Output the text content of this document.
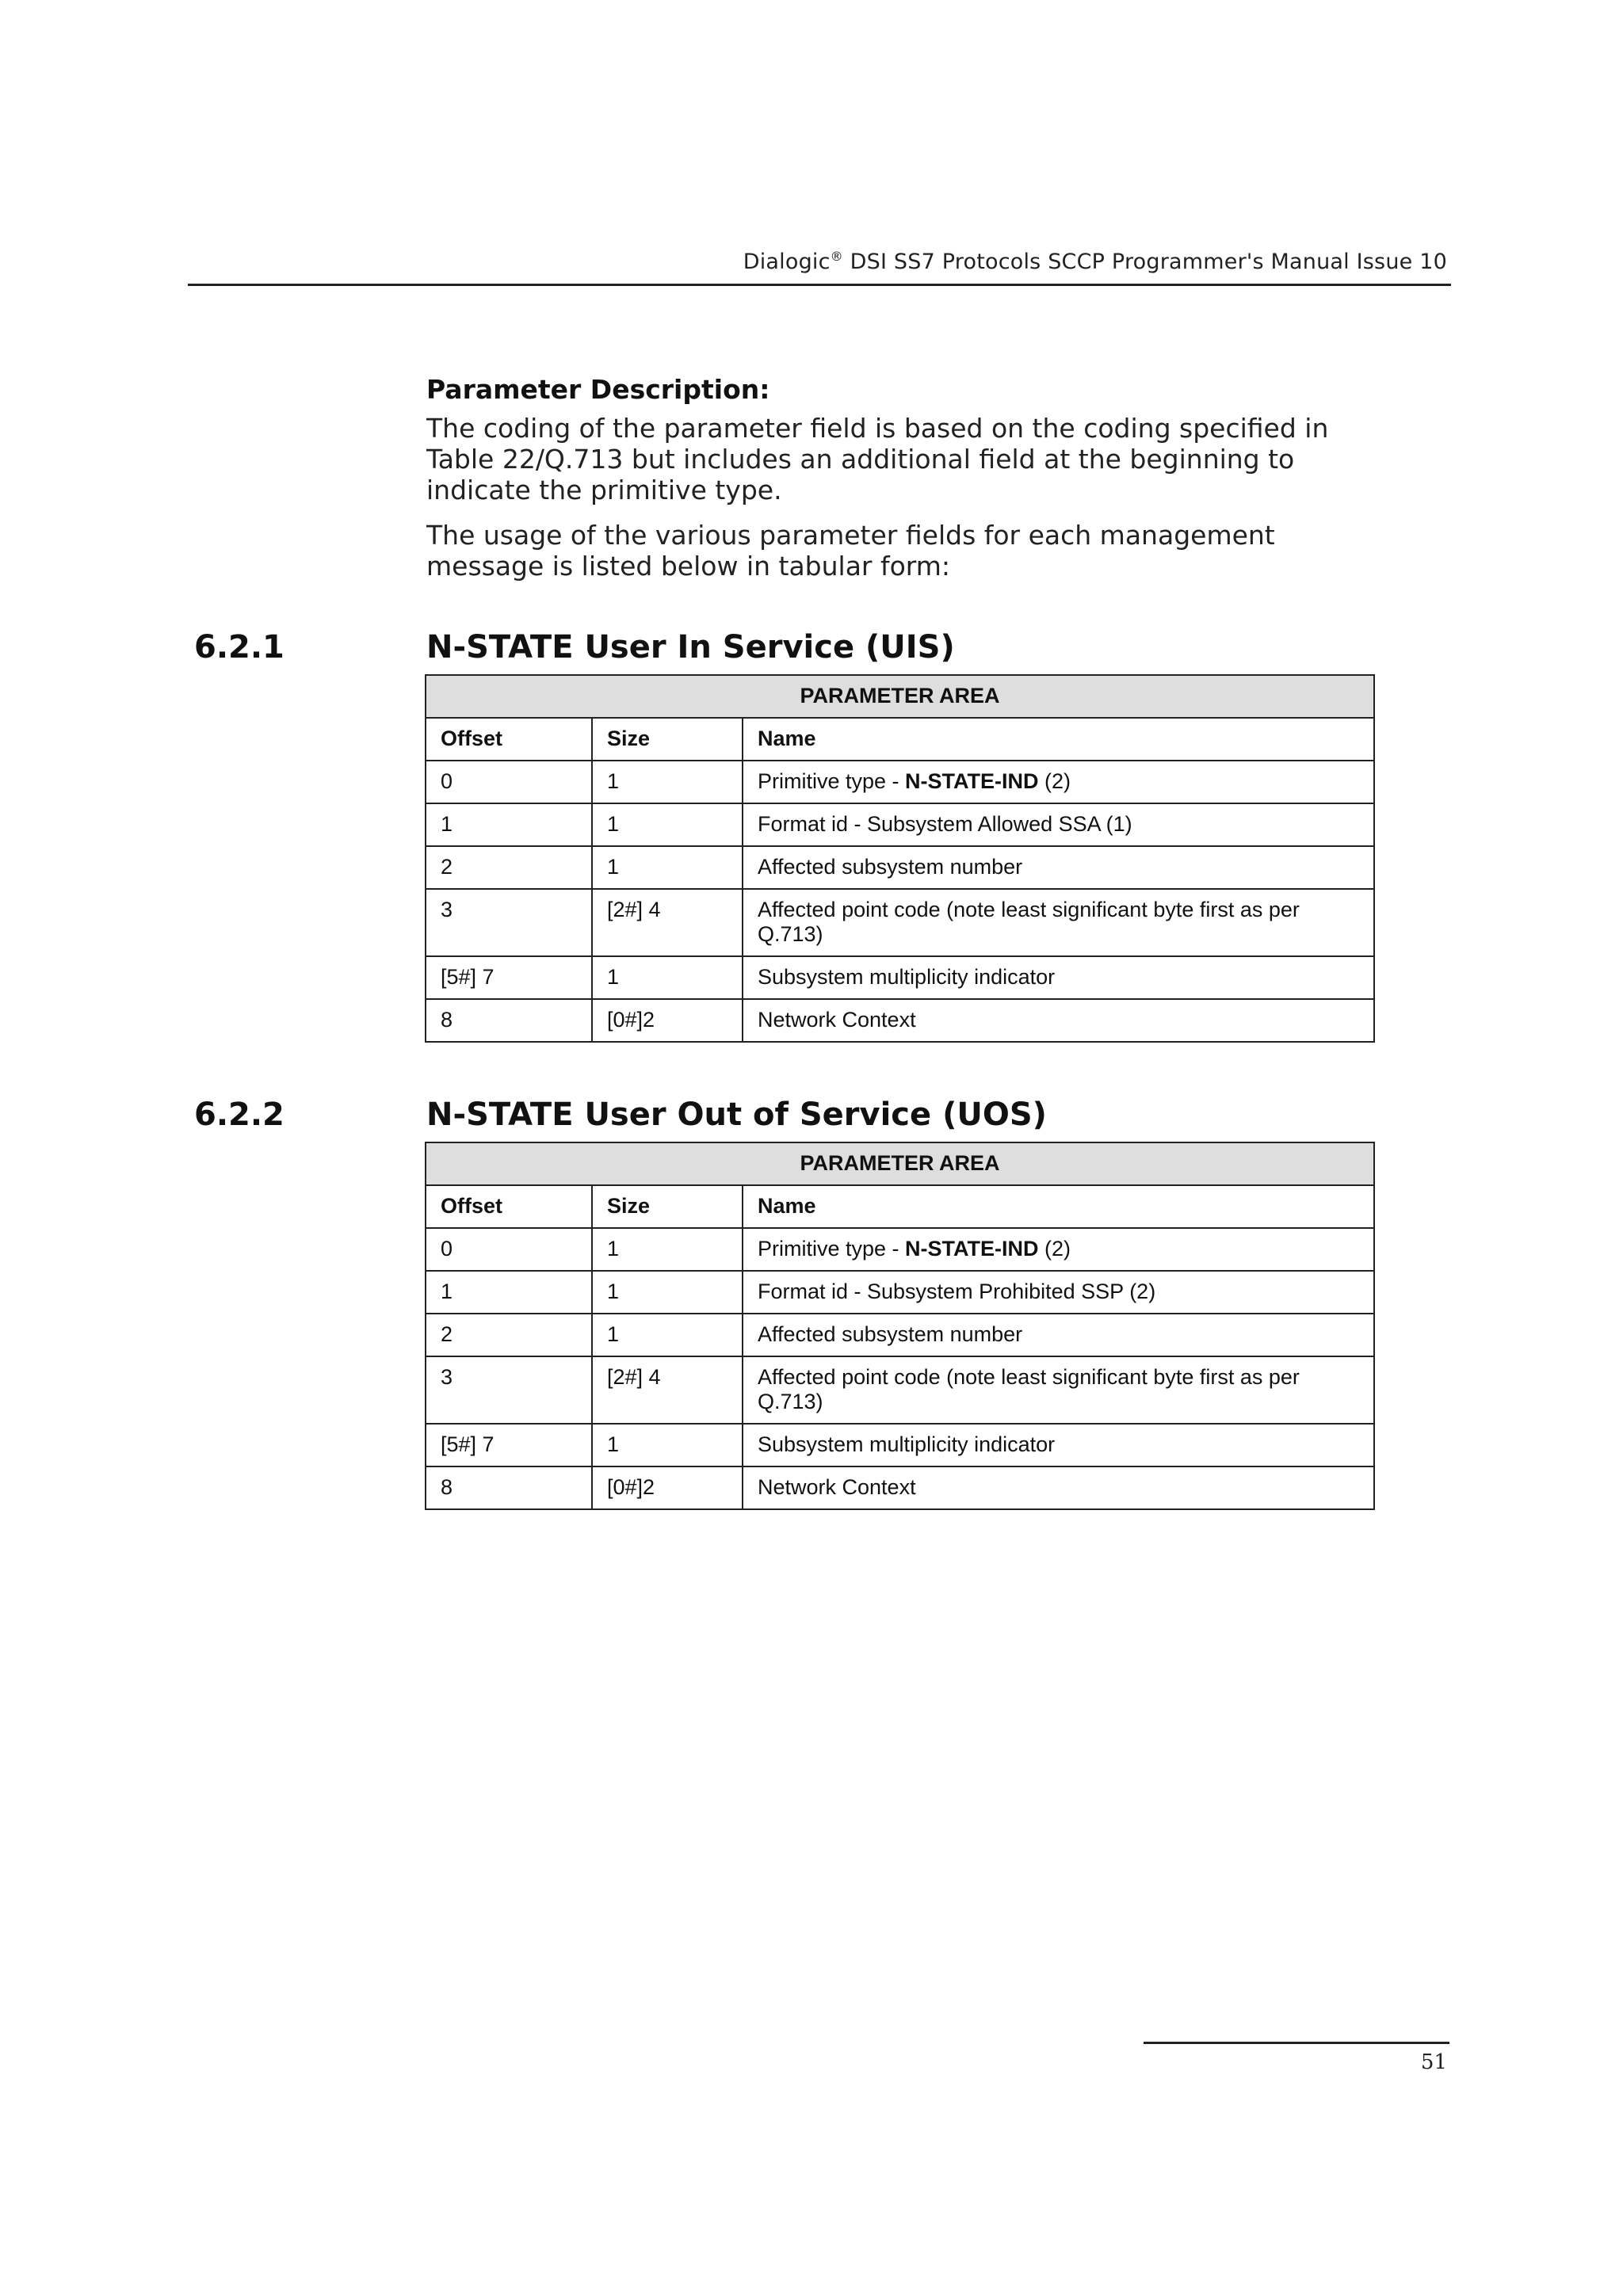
Dialogic® DSI SS7 Protocols SCCP Programmer's Manual Issue 10
Parameter Description:
The coding of the parameter field is based on the coding specified in Table 22/Q.713 but includes an additional field at the beginning to indicate the primitive type.
The usage of the various parameter fields for each management message is listed below in tabular form:
6.2.1	N-STATE User In Service (UIS)
PARAMETER AREA		
Offset	Size	Name
0	1	Primitive type - N-STATE-IND (2)
1	1	Format id - Subsystem Allowed SSA (1)
2	1	Affected subsystem number
3	[2#] 4	Affected point code (note least significant byte first as per Q.713)
[5#] 7	1	Subsystem multiplicity indicator
8	[0#]2	Network Context
6.2.2	N-STATE User Out of Service (UOS)
PARAMETER AREA		
Offset	Size	Name
0	1	Primitive type - N-STATE-IND (2)
1	1	Format id - Subsystem Prohibited SSP (2)
2	1	Affected subsystem number
3	[2#] 4	Affected point code (note least significant byte first as per Q.713)
[5#] 7	1	Subsystem multiplicity indicator
8	[0#]2	Network Context
51
